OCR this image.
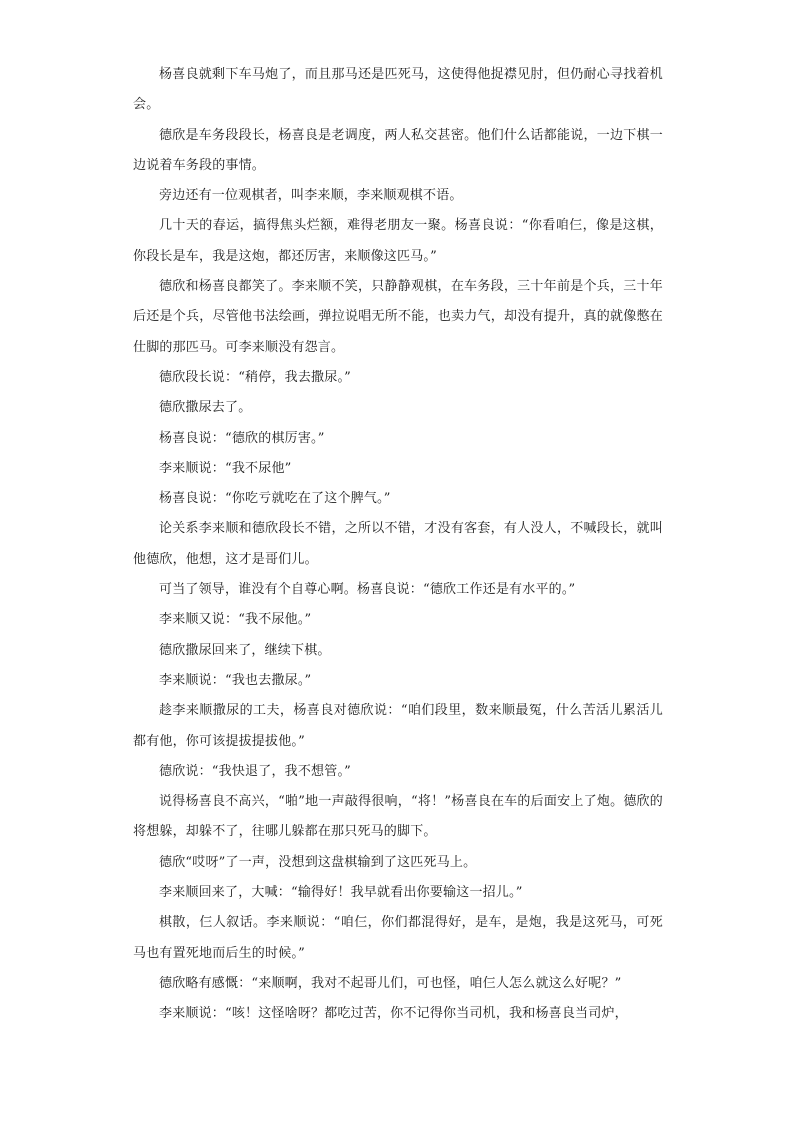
杨喜良就剩下车马炮了，而且那马还是匹死马，这使得他捉襟见肘，但仍耐心寻找着机会。

德欣是车务段段长，杨喜良是老调度，两人私交甚密。他们什么话都能说，一边下棋一边说着车务段的事情。

旁边还有一位观棋者，叫李来顺，李来顺观棋不语。

几十天的春运，搞得焦头烂额，难得老朋友一聚。杨喜良说：“你看咱仨，像是这棋，你段长是车，我是这炮，都还厉害，来顺像这匹马。”

德欣和杨喜良都笑了。李来顺不笑，只静静观棋，在车务段，三十年前是个兵，三十年后还是个兵，尽管他书法绘画，弹拉说唱无所不能，也卖力气，却没有提升，真的就像憋在仕脚的那匹马。可李来顺没有怨言。

德欣段长说：“稍停，我去撒尿。”

德欣撒尿去了。

杨喜良说：“德欣的棋厉害。”

李来顺说：“我不尿他”

杨喜良说：“你吃亏就吃在了这个脾气。”

论关系李来顺和德欣段长不错，之所以不错，才没有客套，有人没人，不喊段长，就叫他德欣，他想，这才是哥们儿。

可当了领导，谁没有个自尊心啊。杨喜良说：“德欣工作还是有水平的。”

李来顺又说：“我不尿他。”

德欣撒尿回来了，继续下棋。

李来顺说：“我也去撒尿。”

趁李来顺撒尿的工夫，杨喜良对德欣说：“咱们段里，数来顺最冤，什么苦活儿累活儿都有他，你可该提拔提拔他。”

德欣说：“我快退了，我不想管。”

说得杨喜良不高兴，“啪”地一声敲得很响，“将！”杨喜良在车的后面安上了炮。德欣的将想躲，却躲不了，往哪儿躲都在那只死马的脚下。

德欣“哎呀”了一声，没想到这盘棋输到了这匹死马上。

李来顺回来了，大喊：“输得好！我早就看出你要输这一招儿。”

棋散，仨人叙话。李来顺说：“咱仨，你们都混得好，是车，是炮，我是这死马，可死马也有置死地而后生的时候。”

德欣略有感慨：“来顺啊，我对不起哥儿们，可也怪，咱仨人怎么就这么好呢？”

李来顺说：“咳！这怪啥呀？都吃过苦，你不记得你当司机，我和杨喜良当司炉，
